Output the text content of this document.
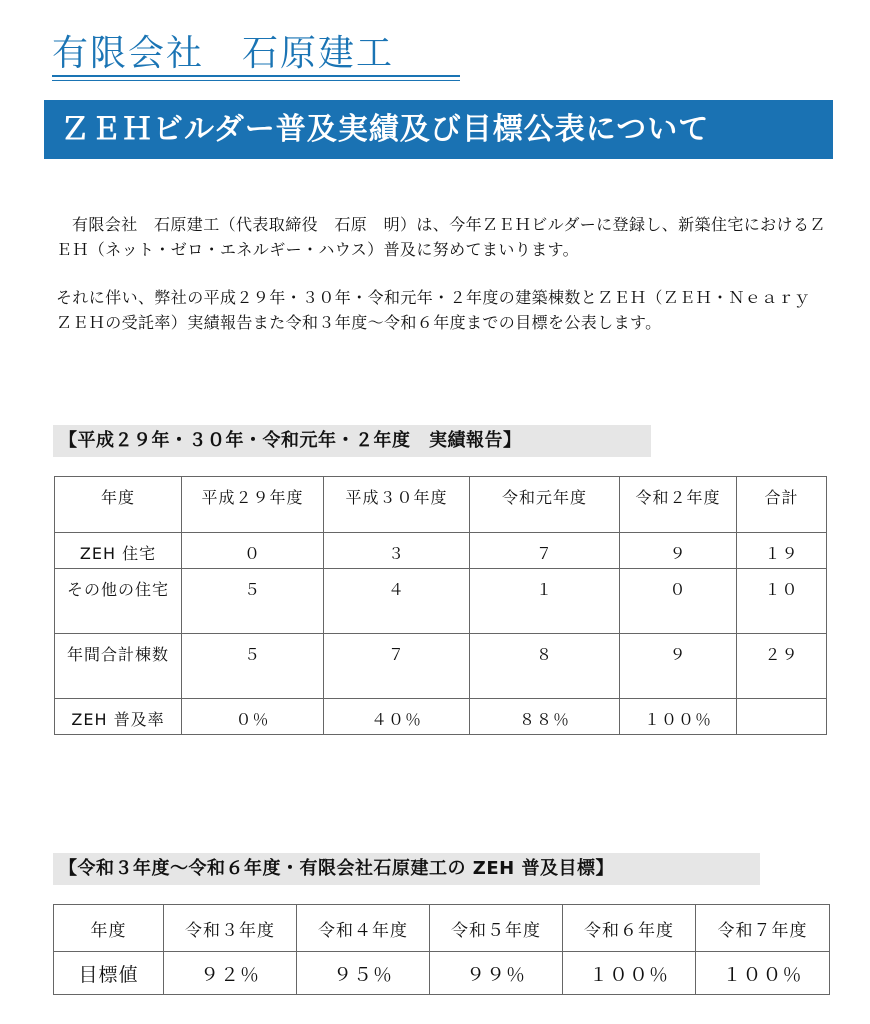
有限会社　石原建工
ＺＥＨビルダー普及実績及び目標公表について

有限会社　石原建工（代表取締役　石原　明）は、今年ＺＥＨビルダーに登録し、新築住宅におけるＺＥＨ（ネット・ゼロ・エネルギー・ハウス）普及に努めてまいります。

それに伴い、弊社の平成２９年・３０年・令和元年・２年度の建築棟数とＺＥＨ（ＺＥＨ・ＮｅａｒｙＺＥＨの受託率）実績報告また令和３年度～令和６年度までの目標を公表します。

【平成２９年・３０年・令和元年・２年度　実績報告】
年度	平成２９年度	平成３０年度	令和元年度	令和２年度	合計
ZEH 住宅	０	３	７	９	１９
その他の住宅	５	４	１	０	１０
年間合計棟数	５	７	８	９	２９
ZEH 普及率	０％	４０％	８８％	１００％	
【令和３年度～令和６年度・有限会社石原建工の ZEH 普及目標】
年度	令和３年度	令和４年度	令和５年度	令和６年度	令和７年度
目標値	９２％	９５％	９９％	１００％	１００％
